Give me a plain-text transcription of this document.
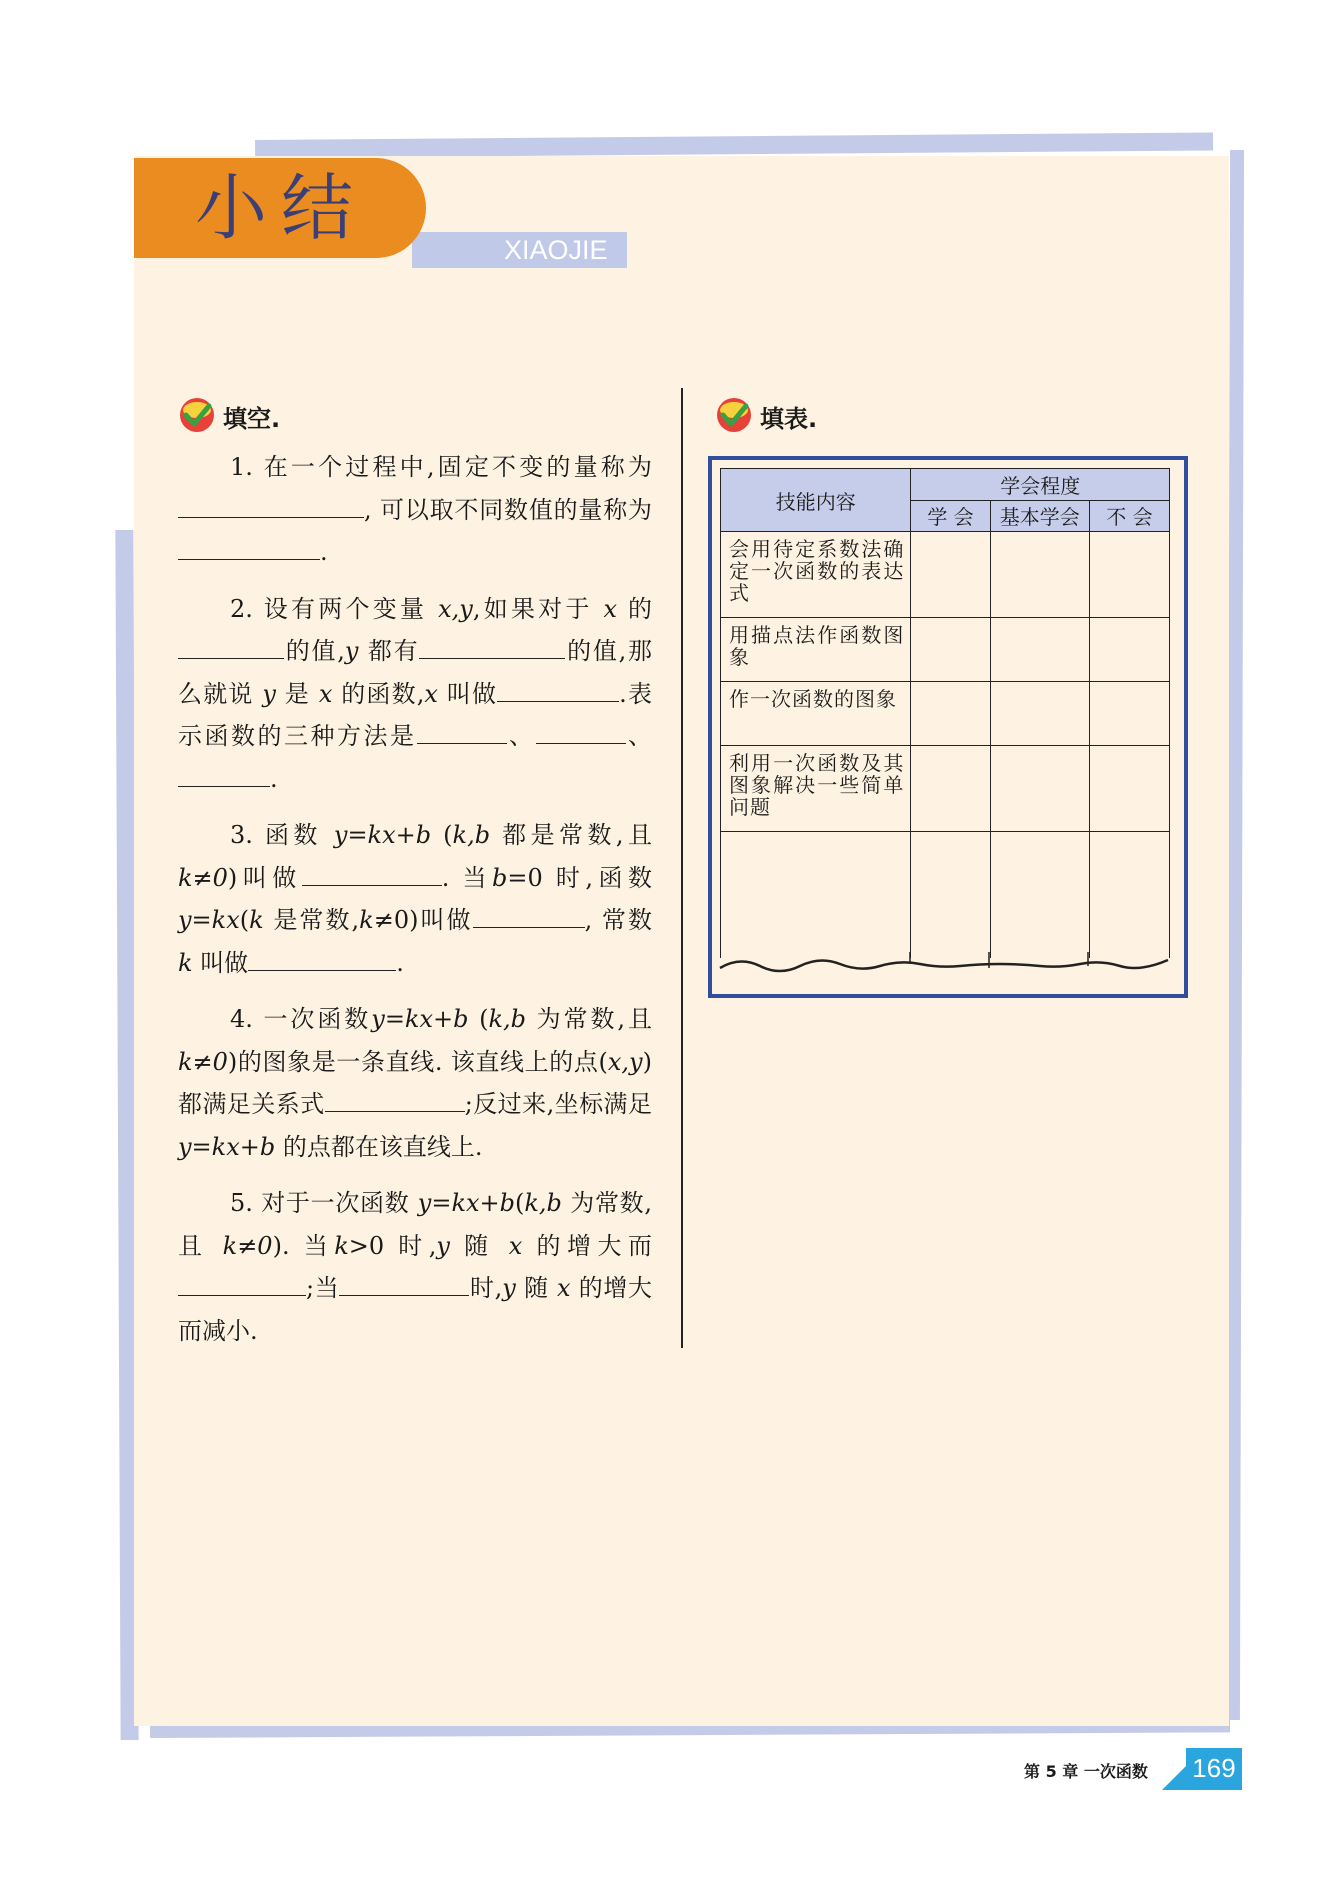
小结	XIAOJIE
填空.	填表.

1. 在一个过程中,固定不变的量称为, 可以取不同数值的量称为.

2. 设有两个变量 x,y,如果对于 x 的的值,y 都有	的值,那么就说 y 是 x 的函数,x 叫做	.表示函数的三种方法是	、	、 .

3. 函数 y=kx+b (k,b 都是常数,且 k≠0)叫做	. 当b=0 时,函数 y=kx(k 是常数,k≠0)叫做	, 常数 k 叫做	.

4. 一次函数y=kx+b (k,b 为常数,且 k≠0)的图象是一条直线. 该直线上的点(x,y)都满足关系式	;反过来,坐标满足 y=kx+b 的点都在该直线上.

5. 对于一次函数 y=kx+b(k,b 为常数,且 k≠0). 当k>0 时,y 随 x 的增大而;当	时,y 随 x 的增大而减小.

技能内容	学会程度		
	学 会	基本学会	不 会
会用待定系数法确定一次函数的表达式			
用描点法作函数图象			
作一次函数的图象			
利用一次函数及其图象解决一些简单问题			

第 5 章 一次函数 169
